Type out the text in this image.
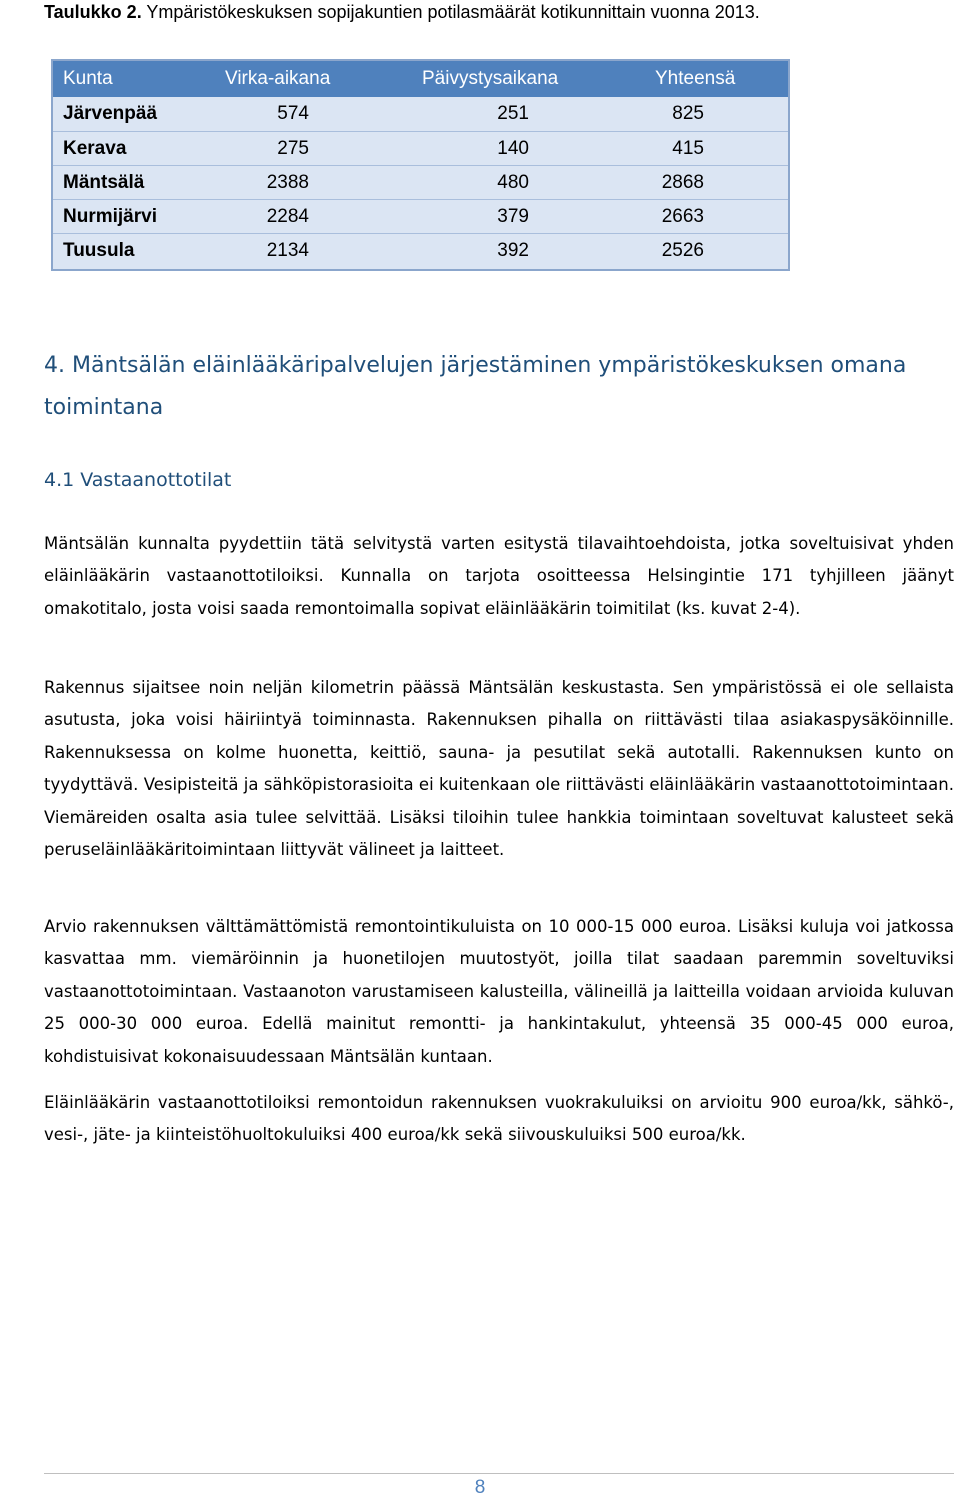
Taulukko 2. Ympäristökeskuksen sopijakuntien potilasmäärät kotikunnittain vuonna 2013.
Kunta	Virka-aikana	Päivystysaikana	Yhteensä
Järvenpää	574	251	825
Kerava	275	140	415
Mäntsälä	2388	480	2868
Nurmijärvi	2284	379	2663
Tuusula	2134	392	2526
4. Mäntsälän eläinlääkäripalvelujen järjestäminen ympäristökeskuksen omana toimintana
4.1 Vastaanottotilat

Mäntsälän kunnalta pyydettiin tätä selvitystä varten esitystä tilavaihtoehdoista, jotka soveltuisivat yhden eläinlääkärin vastaanottotiloiksi. Kunnalla on tarjota osoitteessa Helsingintie 171 tyhjilleen jäänyt omakotitalo, josta voisi saada remontoimalla sopivat eläinlääkärin toimitilat (ks. kuvat 2-4).

Rakennus sijaitsee noin neljän kilometrin päässä Mäntsälän keskustasta. Sen ympäristössä ei ole sellaista asutusta, joka voisi häiriintyä toiminnasta. Rakennuksen pihalla on riittävästi tilaa asiakaspysäköinnille. Rakennuksessa on kolme huonetta, keittiö, sauna- ja pesutilat sekä autotalli. Rakennuksen kunto on tyydyttävä. Vesipisteitä ja sähköpistorasioita ei kuitenkaan ole riittävästi eläinlääkärin vastaanottotoimintaan. Viemäreiden osalta asia tulee selvittää. Lisäksi tiloihin tulee hankkia toimintaan soveltuvat kalusteet sekä peruseläinlääkäritoimintaan liittyvät välineet ja laitteet.

Arvio rakennuksen välttämättömistä remontointikuluista on 10 000-15 000 euroa. Lisäksi kuluja voi jatkossa kasvattaa mm. viemäröinnin ja huonetilojen muutostyöt, joilla tilat saadaan paremmin soveltuviksi vastaanottotoimintaan. Vastaanoton varustamiseen kalusteilla, välineillä ja laitteilla voidaan arvioida kuluvan 25 000-30 000 euroa. Edellä mainitut remontti- ja hankintakulut, yhteensä 35 000-45 000 euroa, kohdistuisivat kokonaisuudessaan Mäntsälän kuntaan.

Eläinlääkärin vastaanottotiloiksi remontoidun rakennuksen vuokrakuluiksi on arvioitu 900 euroa/kk, sähkö-, vesi-, jäte- ja kiinteistöhuoltokuluiksi 400 euroa/kk sekä siivouskuluiksi 500 euroa/kk.

8
